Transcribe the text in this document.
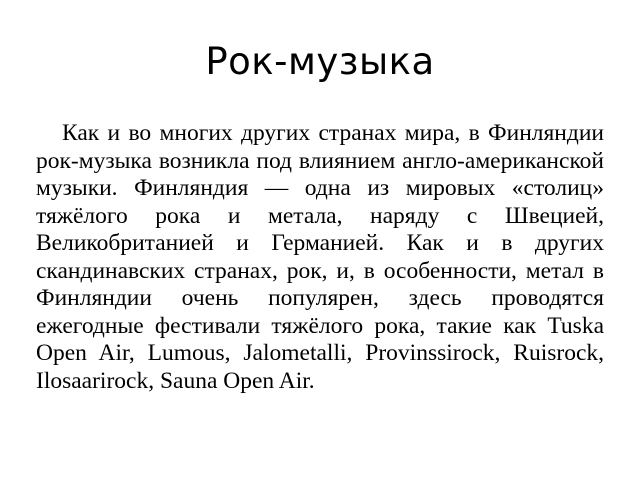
Рок-музыка

Как и во многих других странах мира, в Финляндии рок-музыка возникла под влиянием англо-американской музыки. Финляндия — одна из мировых «столиц» тяжёлого рока и метала, наряду с Швецией, Великобританией и Германией. Как и в других скандинавских странах, рок, и, в особенности, метал в Финляндии очень популярен, здесь проводятся ежегодные фестивали тяжёлого рока, такие как Tuska Open Air, Lumous, Jalometalli, Provinssirock, Ruisrock, Ilosaarirock, Sauna Open Air.
